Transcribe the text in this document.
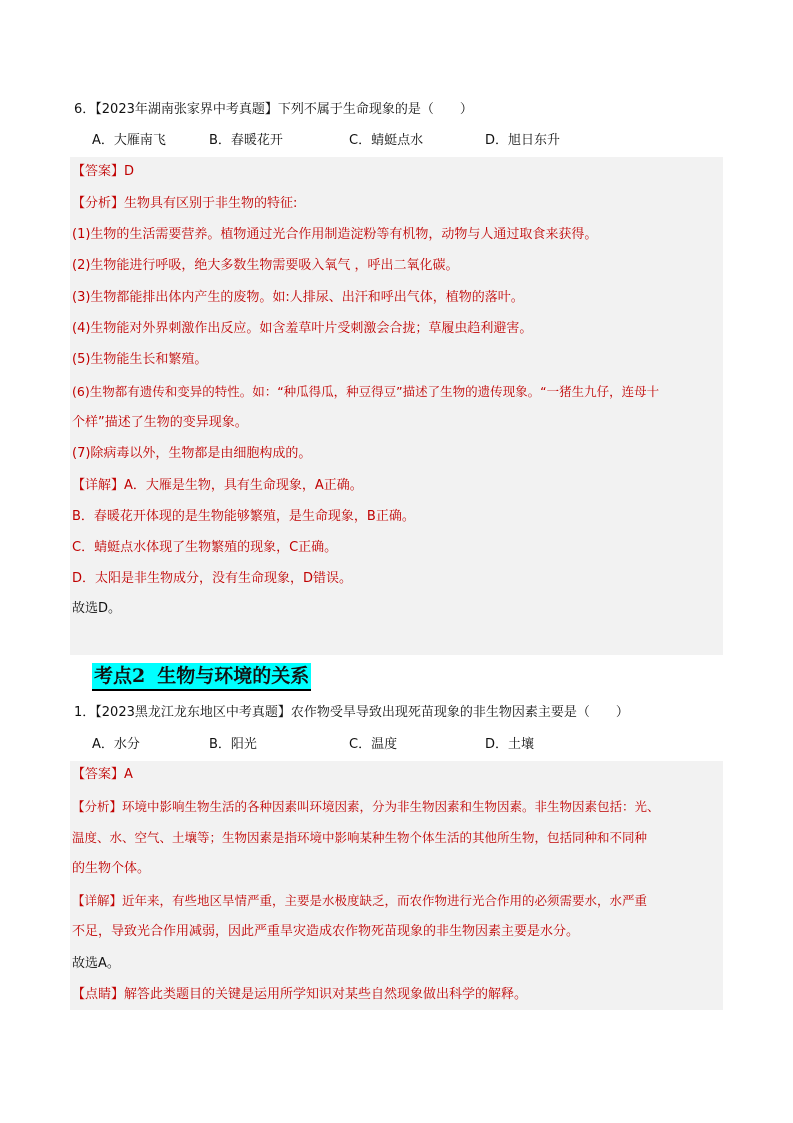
6．【2023年湖南张家界中考真题】下列不属于生命现象的是（　　）
A．大雁南飞	B．春暖花开	C．蜻蜓点水	D．旭日东升
【答案】D
【分析】生物具有区别于非生物的特征:
(1)生物的生活需要营养。植物通过光合作用制造淀粉等有机物，动物与人通过取食来获得。
(2)生物能进行呼吸，绝大多数生物需要吸入氧气 ，呼出二氧化碳。
(3)生物都能排出体内产生的废物。如:人排尿、出汗和呼出气体，植物的落叶。
(4)生物能对外界刺激作出反应。如含羞草叶片受刺激会合拢；草履虫趋利避害。
(5)生物能生长和繁殖。
(6)生物都有遗传和变异的特性。如：“种瓜得瓜，种豆得豆”描述了生物的遗传现象。“一猪生九仔，连母十
个样”描述了生物的变异现象。
(7)除病毒以外，生物都是由细胞构成的。
【详解】A．大雁是生物，具有生命现象，A正确。
B．春暖花开体现的是生物能够繁殖，是生命现象，B正确。
C．蜻蜓点水体现了生物繁殖的现象，C正确。
D．太阳是非生物成分，没有生命现象，D错误。
故选D。
考点2 生物与环境的关系
1．【2023黑龙江龙东地区中考真题】农作物受旱导致出现死苗现象的非生物因素主要是（　　）
A．水分	B．阳光	C．温度	D．土壤
【答案】A
【分析】环境中影响生物生活的各种因素叫环境因素，分为非生物因素和生物因素。非生物因素包括：光、
温度、水、空气、土壤等；生物因素是指环境中影响某种生物个体生活的其他所生物，包括同种和不同种
的生物个体。
【详解】近年来，有些地区旱情严重，主要是水极度缺乏，而农作物进行光合作用的必须需要水，水严重
不足，导致光合作用减弱，因此严重旱灾造成农作物死苗现象的非生物因素主要是水分。
故选A。
【点睛】解答此类题目的关键是运用所学知识对某些自然现象做出科学的解释。
